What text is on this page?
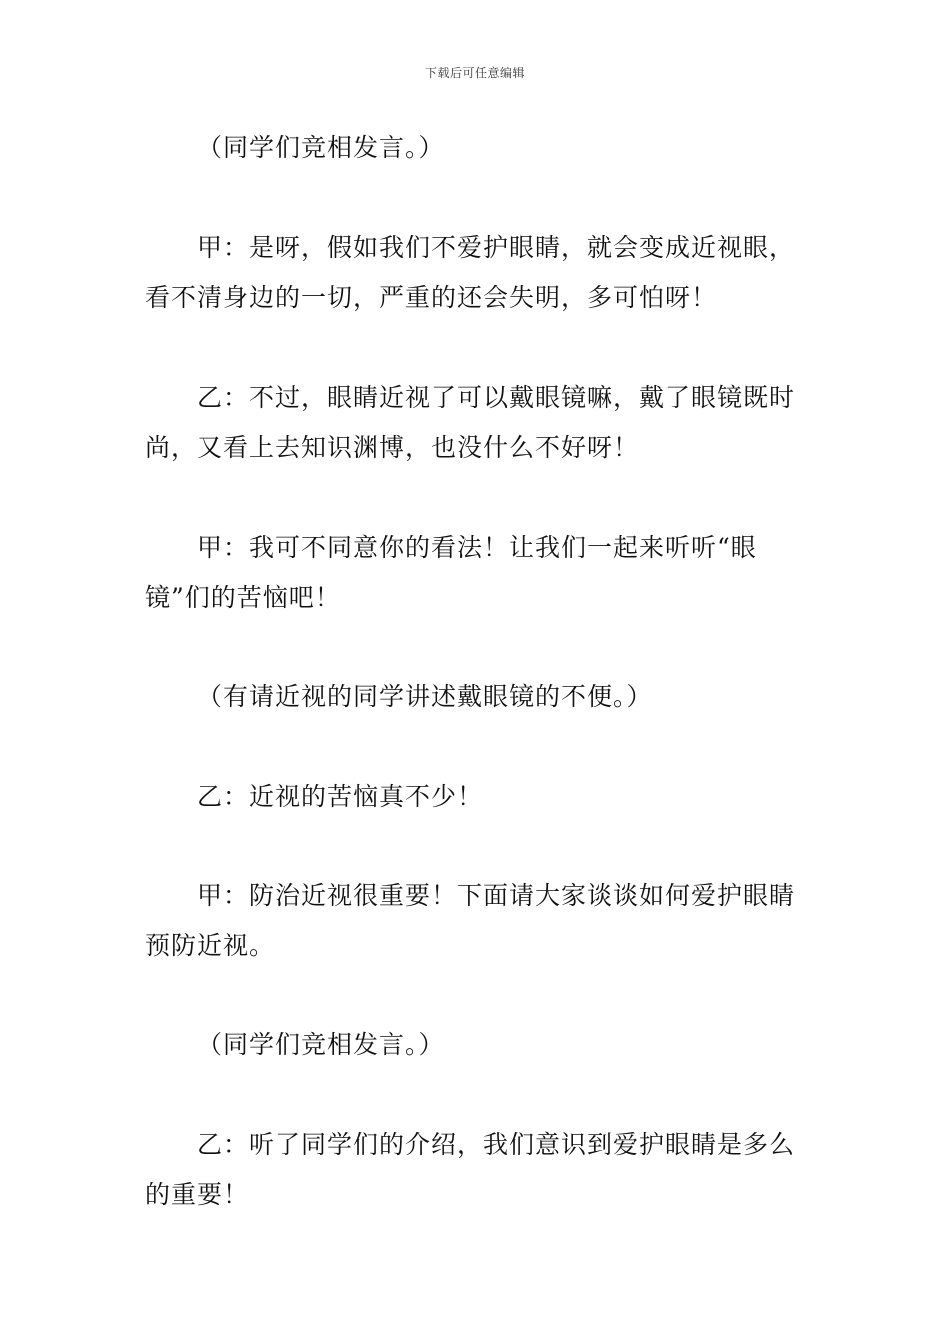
下载后可任意编辑

（同学们竞相发言。）

甲：是呀，假如我们不爱护眼睛，就会变成近视眼，看不清身边的一切，严重的还会失明，多可怕呀！

乙：不过，眼睛近视了可以戴眼镜嘛，戴了眼镜既时尚，又看上去知识渊博，也没什么不好呀！

甲：我可不同意你的看法！让我们一起来听听“眼镜”们的苦恼吧！

（有请近视的同学讲述戴眼镜的不便。）

乙：近视的苦恼真不少！

甲：防治近视很重要！下面请大家谈谈如何爱护眼睛预防近视。

（同学们竞相发言。）

乙：听了同学们的介绍，我们意识到爱护眼睛是多么的重要！
